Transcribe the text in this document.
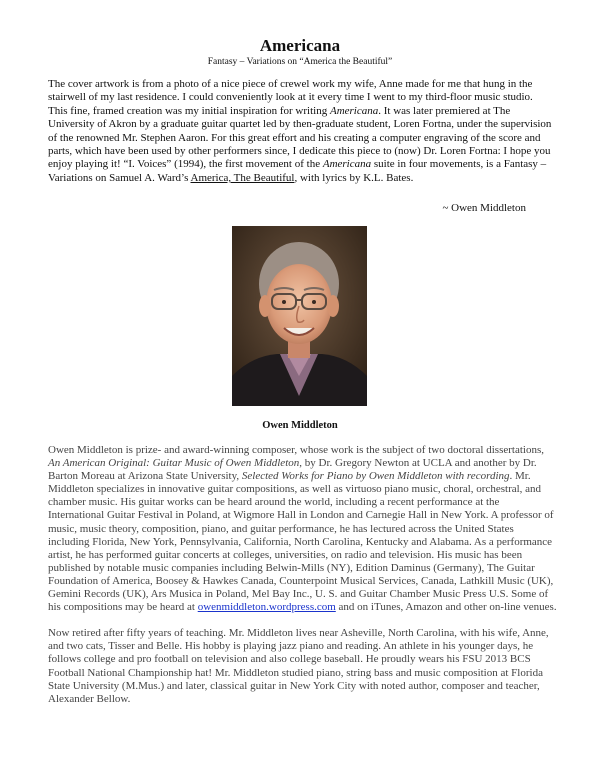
Americana
Fantasy – Variations on “America the Beautiful”

The cover artwork is from a photo of a nice piece of crewel work my wife, Anne made for me that hung in the stairwell of my last residence. I could conveniently look at it every time I went to my third-floor music studio. This fine, framed creation was my initial inspiration for writing Americana. It was later premiered at The University of Akron by a graduate guitar quartet led by then-graduate student, Loren Fortna, under the supervision of the renowned Mr. Stephen Aaron. For this great effort and his creating a computer engraving of the score and parts, which have been used by other performers since, I dedicate this piece to (now) Dr. Loren Fortna: I hope you enjoy playing it! “I. Voices” (1994), the first movement of the Americana suite in four movements, is a Fantasy – Variations on Samuel A. Ward’s America, The Beautiful, with lyrics by K.L. Bates.

~ Owen Middleton
Owen Middleton

Owen Middleton is prize- and award-winning composer, whose work is the subject of two doctoral dissertations, An American Original: Guitar Music of Owen Middleton, by Dr. Gregory Newton at UCLA and another by Dr. Barton Moreau at Arizona State University, Selected Works for Piano by Owen Middleton with recording. Mr. Middleton specializes in innovative guitar compositions, as well as virtuoso piano music, choral, orchestral, and chamber music. His guitar works can be heard around the world, including a recent performance at the International Guitar Festival in Poland, at Wigmore Hall in London and Carnegie Hall in New York. A professor of music, music theory, composition, piano, and guitar performance, he has lectured across the United States including Florida, New York, Pennsylvania, California, North Carolina, Kentucky and Alabama. As a performance artist, he has performed guitar concerts at colleges, universities, on radio and television. His music has been published by notable music companies including Belwin-Mills (NY), Edition Daminus (Germany), The Guitar Foundation of America, Boosey & Hawkes Canada, Counterpoint Musical Services, Canada, Lathkill Music (UK), Gemini Records (UK), Ars Musica in Poland, Mel Bay Inc., U. S. and Guitar Chamber Music Press U.S. Some of his compositions may be heard at owenmiddleton.wordpress.com and on iTunes, Amazon and other on-line venues.

Now retired after fifty years of teaching. Mr. Middleton lives near Asheville, North Carolina, with his wife, Anne, and two cats, Tisser and Belle. His hobby is playing jazz piano and reading. An athlete in his younger days, he follows college and pro football on television and also college baseball. He proudly wears his FSU 2013 BCS Football National Championship hat! Mr. Middleton studied piano, string bass and music composition at Florida State University (M.Mus.) and later, classical guitar in New York City with noted author, composer and teacher, Alexander Bellow.
